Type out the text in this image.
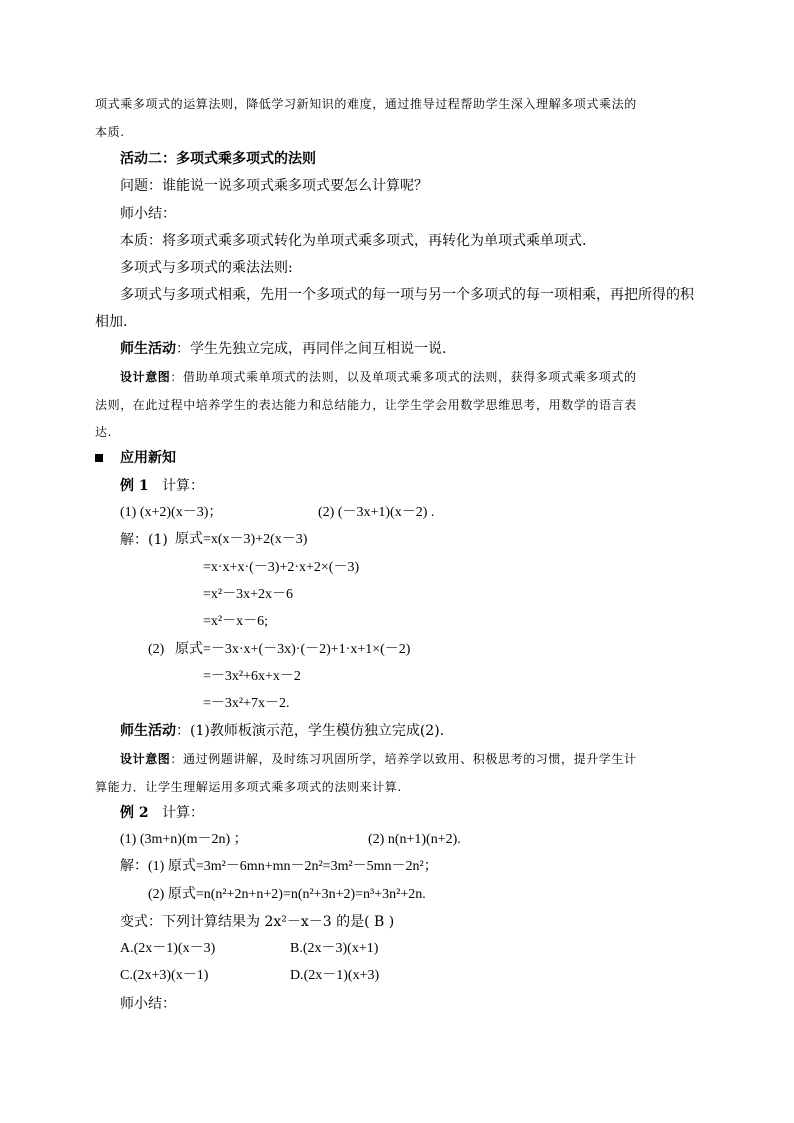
项式乘多项式的运算法则，降低学习新知识的难度，通过推导过程帮助学生深入理解多项式乘法的
本质.
活动二：多项式乘多项式的法则
问题：谁能说一说多项式乘多项式要怎么计算呢？
师小结：
本质：将多项式乘多项式转化为单项式乘多项式，再转化为单项式乘单项式.
多项式与多项式的乘法法则:
多项式与多项式相乘，先用一个多项式的每一项与另一个多项式的每一项相乘，再把所得的积
相加.
师生活动：学生先独立完成，再同伴之间互相说一说.
设计意图：借助单项式乘单项式的法则，以及单项式乘多项式的法则，获得多项式乘多项式的
法则，在此过程中培养学生的表达能力和总结能力，让学生学会用数学思维思考，用数学的语言表
达.
应用新知
例 1 计算：
(1) (x+2)(x－3)；	(2) (－3x+1)(x－2) .
解：(1) 原式=x(x－3)+2(x－3)
=x·x+x·(－3)+2·x+2×(－3)
=x²－3x+2x－6
=x²－x－6;
(2) 原式=－3x·x+(－3x)·(－2)+1·x+1×(－2)
=－3x²+6x+x－2
=－3x²+7x－2.
师生活动：(1)教师板演示范，学生模仿独立完成(2).
设计意图：通过例题讲解，及时练习巩固所学，培养学以致用、积极思考的习惯，提升学生计
算能力．让学生理解运用多项式乘多项式的法则来计算.
例 2 计算：
(1) (3m+n)(m－2n) ；	(2) n(n+1)(n+2).
解：(1) 原式=3m²－6mn+mn－2n²=3m²－5mn－2n²；
(2) 原式=n(n²+2n+n+2)=n(n²+3n+2)=n³+3n²+2n.
变式：下列计算结果为 2x²－x－3 的是( B )
A.(2x－1)(x－3)	B.(2x－3)(x+1)
C.(2x+3)(x－1)	D.(2x－1)(x+3)
师小结：
